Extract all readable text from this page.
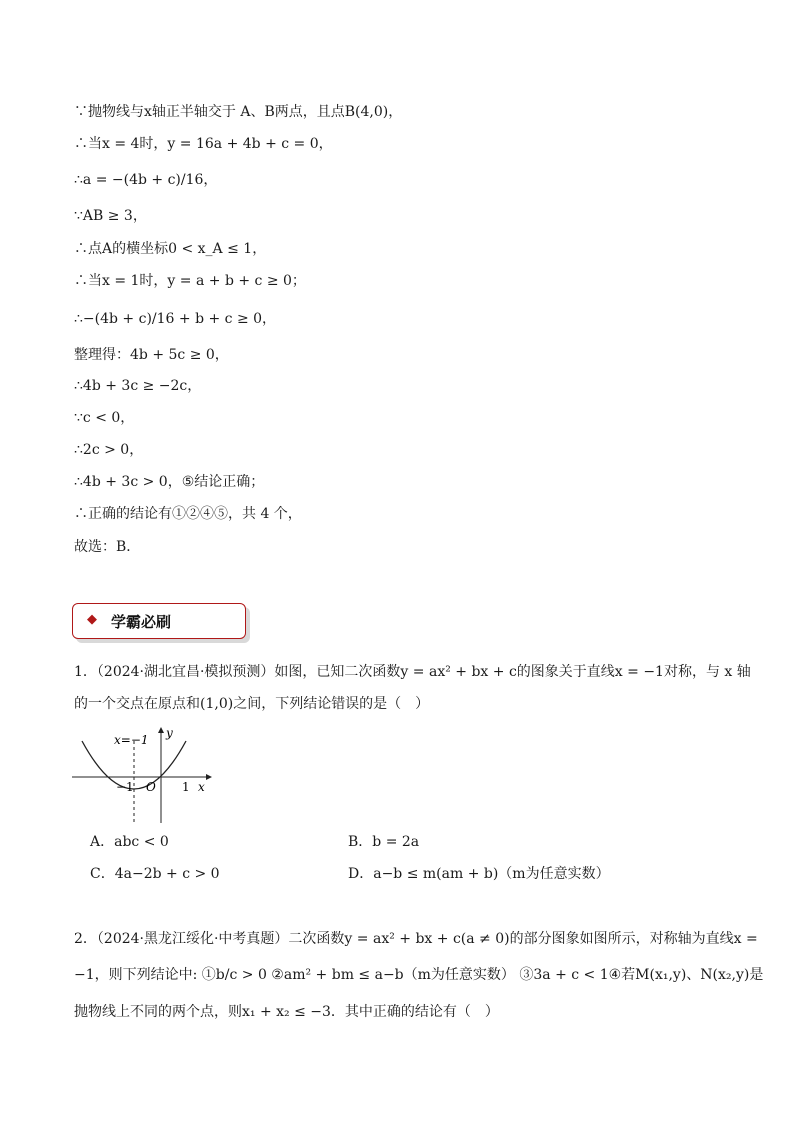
∵抛物线与x轴正半轴交于 A、B两点，且点B(4,0)，
∴当x = 4时，y = 16a + 4b + c = 0，
∴a = −(4b + c)/16，
∵AB ≥ 3，
∴点A的横坐标0 < x_A ≤ 1，
∴当x = 1时，y = a + b + c ≥ 0；
∴−(4b + c)/16 + b + c ≥ 0，
整理得：4b + 5c ≥ 0，
∴4b + 3c ≥ −2c，
∵c < 0，
∴2c > 0，
∴4b + 3c > 0，⑤结论正确；
∴正确的结论有①②④⑤，共 4 个，
故选：B．
◆ 学霸必刷
1．（2024·湖北宜昌·模拟预测）如图，已知二次函数y = ax² + bx + c的图象关于直线x = −1对称，与 x 轴
的一个交点在原点和(1,0)之间，下列结论错误的是（　）
x=−1 y
x
O
−1	1
A．abc < 0	B．b = 2a
C．4a−2b + c > 0	D．a−b ≤ m(am + b)（m为任意实数）
2．（2024·黑龙江绥化·中考真题）二次函数y = ax² + bx + c(a ≠ 0)的部分图象如图所示，对称轴为直线x =
−1，则下列结论中: ①b/c > 0 ②am² + bm ≤ a−b（m为任意实数） ③3a + c < 1④若M(x₁,y)、N(x₂,y)是
抛物线上不同的两个点，则x₁ + x₂ ≤ −3．其中正确的结论有（　）
